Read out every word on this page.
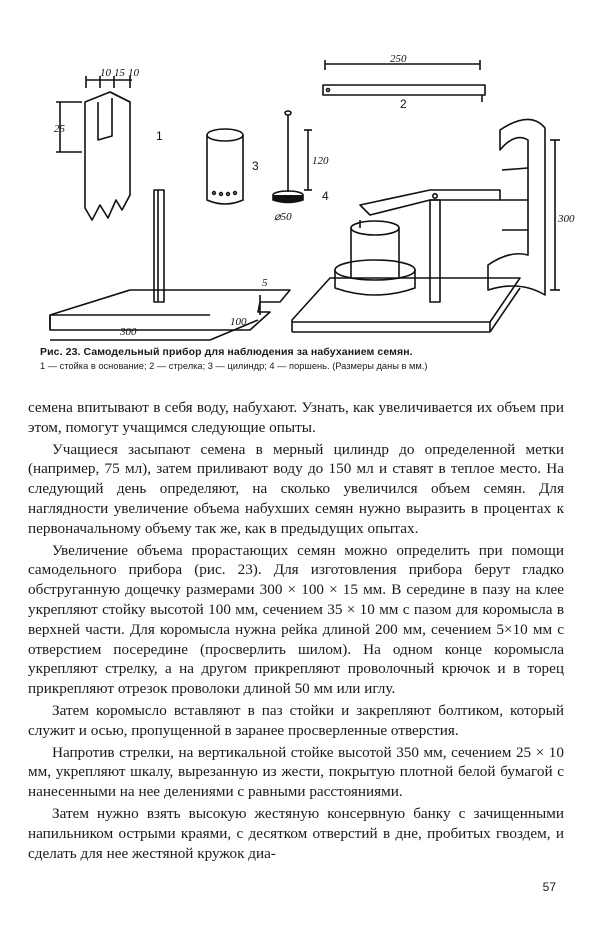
10 15 10
25
300
100
5
250
120
⌀50	300
1
2
3
4
Рис. 23. Самодельный прибор для наблюдения за набуханием семян.
1 — стойка в основание; 2 — стрелка; 3 — цилиндр; 4 — поршень. (Размеры даны в мм.)

семена впитывают в себя воду, набухают. Узнать, как увеличивается их объем при этом, помогут учащимся следующие опыты.

Учащиеся засыпают семена в мерный цилиндр до определенной метки (например, 75 мл), затем приливают воду до 150 мл и ставят в теплое место. На следующий день определяют, на сколько увеличился объем семян. Для наглядности увеличение объема набухших семян нужно выразить в процентах к первоначальному объему так же, как в предыдущих опытах.

Увеличение объема прорастающих семян можно определить при помощи самодельного прибора (рис. 23). Для изготовления прибора берут гладко обструганную дощечку размерами 300 × 100 × 15 мм. В середине в пазу на клее укрепляют стойку высотой 100 мм, сечением 35 × 10 мм с пазом для коромысла в верхней части. Для коромысла нужна рейка длиной 200 мм, сечением 5×10 мм с отверстием посередине (просверлить шилом). На одном конце коромысла укрепляют стрелку, а на другом прикрепляют проволочный крючок и в торец прикрепляют отрезок проволоки длиной 50 мм или иглу.

Затем коромысло вставляют в паз стойки и закрепляют болтиком, который служит и осью, пропущенной в заранее просверленные отверстия.

Напротив стрелки, на вертикальной стойке высотой 350 мм, сечением 25 × 10 мм, укрепляют шкалу, вырезанную из жести, покрытую плотной белой бумагой с нанесенными на нее делениями с равными расстояниями.

Затем нужно взять высокую жестяную консервную банку с зачищенными напильником острыми краями, с десятком отверстий в дне, пробитых гвоздем, и сделать для нее жестяной кружок диа-

57
